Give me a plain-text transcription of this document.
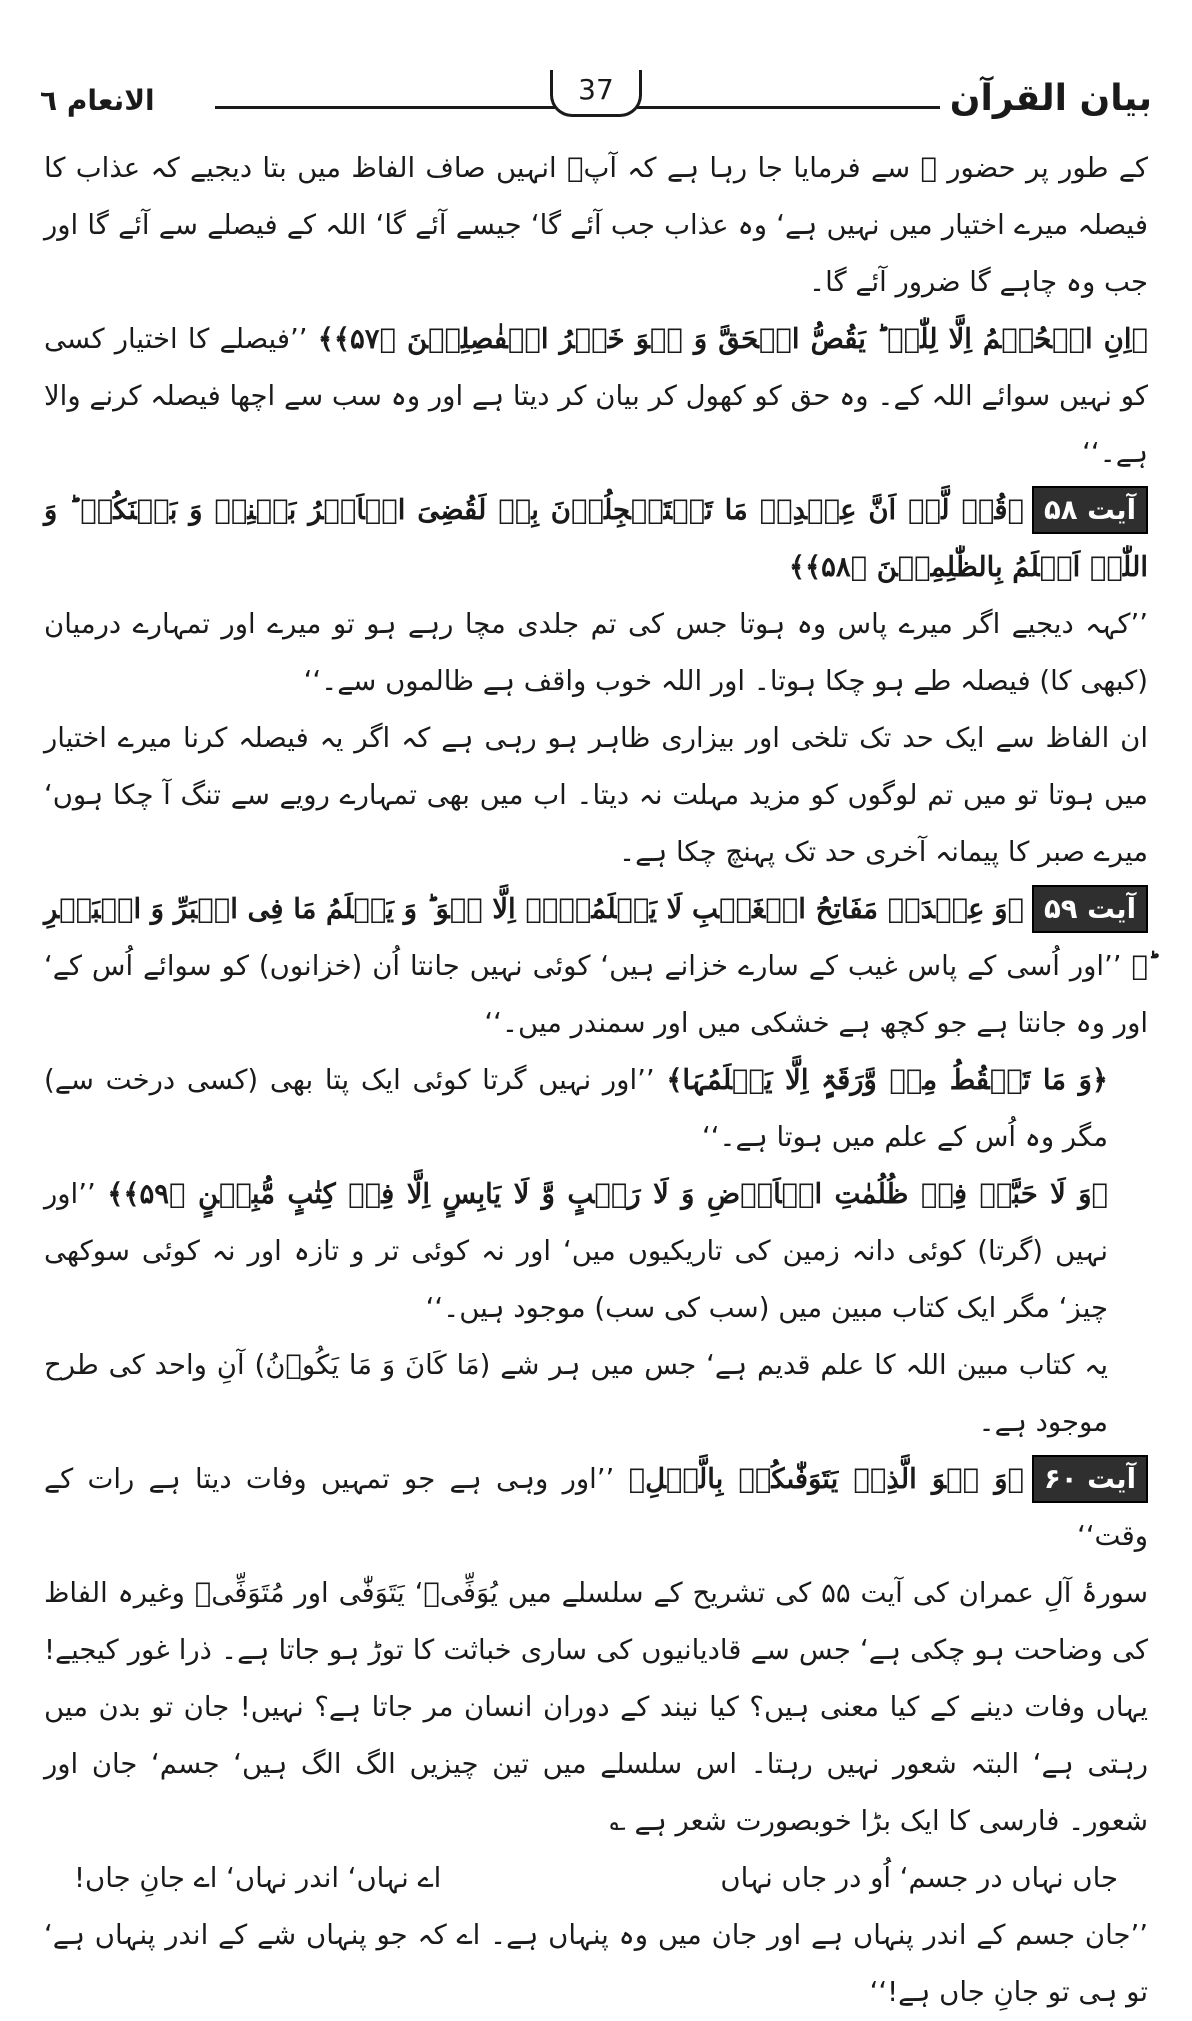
بیان القرآن
37
الانعام ٦

کے طور پر حضور ﷺ سے فرمایا جا رہا ہے کہ آپؐ انہیں صاف الفاظ میں بتا دیجیے کہ عذاب کا فیصلہ میرے اختیار میں نہیں ہے‘ وہ عذاب جب آئے گا‘ جیسے آئے گا‘ اللہ کے فیصلے سے آئے گا اور جب وہ چاہے گا ضرور آئے گا۔

﴿اِنِ الۡحُکۡمُ اِلَّا لِلّٰہِ ؕ یَقُصُّ الۡحَقَّ وَ ہُوَ خَیۡرُ الۡفٰصِلِیۡنَ ﴿۵۷﴾﴾ ’’فیصلے کا اختیار کسی کو نہیں سوائے اللہ کے۔ وہ حق کو کھول کر بیان کر دیتا ہے اور وہ سب سے اچھا فیصلہ کرنے والا ہے۔‘‘

آیت ۵۸﴿قُلۡ لَّوۡ اَنَّ عِنۡدِیۡ مَا تَسۡتَعۡجِلُوۡنَ بِہٖ لَقُضِیَ الۡاَمۡرُ بَیۡنِیۡ وَ بَیۡنَکُمۡ ؕ وَ اللّٰہُ اَعۡلَمُ بِالظّٰلِمِیۡنَ ﴿۵۸﴾﴾

’’کہہ دیجیے اگر میرے پاس وہ ہوتا جس کی تم جلدی مچا رہے ہو تو میرے اور تمہارے درمیان (کبھی کا) فیصلہ طے ہو چکا ہوتا۔ اور اللہ خوب واقف ہے ظالموں سے۔‘‘

ان الفاظ سے ایک حد تک تلخی اور بیزاری ظاہر ہو رہی ہے کہ اگر یہ فیصلہ کرنا میرے اختیار میں ہوتا تو میں تم لوگوں کو مزید مہلت نہ دیتا۔ اب میں بھی تمہارے رویے سے تنگ آ چکا ہوں‘ میرے صبر کا پیمانہ آخری حد تک پہنچ چکا ہے۔

آیت ۵۹﴿وَ عِنۡدَہٗ مَفَاتِحُ الۡغَیۡبِ لَا یَعۡلَمُہَاۤ اِلَّا ہُوَ ؕ وَ یَعۡلَمُ مَا فِی الۡبَرِّ وَ الۡبَحۡرِ ؕ﴾ ’’اور اُسی کے پاس غیب کے سارے خزانے ہیں‘ کوئی نہیں جانتا اُن (خزانوں) کو سوائے اُس کے‘ اور وہ جانتا ہے جو کچھ ہے خشکی میں اور سمندر میں۔‘‘

﴿وَ مَا تَسۡقُطُ مِنۡ وَّرَقَۃٍ اِلَّا یَعۡلَمُہَا﴾ ’’اور نہیں گرتا کوئی ایک پتا بھی (کسی درخت سے) مگر وہ اُس کے علم میں ہوتا ہے۔‘‘

﴿وَ لَا حَبَّۃٍ فِیۡ ظُلُمٰتِ الۡاَرۡضِ وَ لَا رَطۡبٍ وَّ لَا یَابِسٍ اِلَّا فِیۡ کِتٰبٍ مُّبِیۡنٍ ﴿۵۹﴾﴾ ’’اور نہیں (گرتا) کوئی دانہ زمین کی تاریکیوں میں‘ اور نہ کوئی تر و تازہ اور نہ کوئی سوکھی چیز‘ مگر ایک کتاب مبین میں (سب کی سب) موجود ہیں۔‘‘

یہ کتاب مبین اللہ کا علم قدیم ہے‘ جس میں ہر شے (مَا کَانَ وَ مَا یَکُوۡنُ) آنِ واحد کی طرح موجود ہے۔

آیت ۶۰﴿وَ ہُوَ الَّذِیۡ یَتَوَفّٰىکُمۡ بِالَّیۡلِ﴾ ’’اور وہی ہے جو تمہیں وفات دیتا ہے رات کے وقت‘‘

سورۂ آلِ عمران کی آیت ۵۵ کی تشریح کے سلسلے میں یُوَفِّیۡ‘ یَتَوَفّٰی اور مُتَوَفِّیۡ وغیرہ الفاظ کی وضاحت ہو چکی ہے‘ جس سے قادیانیوں کی ساری خباثت کا توڑ ہو جاتا ہے۔ ذرا غور کیجیے! یہاں وفات دینے کے کیا معنی ہیں؟ کیا نیند کے دوران انسان مر جاتا ہے؟ نہیں! جان تو بدن میں رہتی ہے‘ البتہ شعور نہیں رہتا۔ اس سلسلے میں تین چیزیں الگ الگ ہیں‘ جسم‘ جان اور شعور۔ فارسی کا ایک بڑا خوبصورت شعر ہے ؎

جاں نہاں در جسم‘ اُو در جاں نہاں
اے نہاں‘ اندر نہاں‘ اے جانِ جاں!

’’جان جسم کے اندر پنہاں ہے اور جان میں وہ پنہاں ہے۔ اے کہ جو پنہاں شے کے اندر پنہاں ہے‘ تو ہی تو جانِ جاں ہے!‘‘
